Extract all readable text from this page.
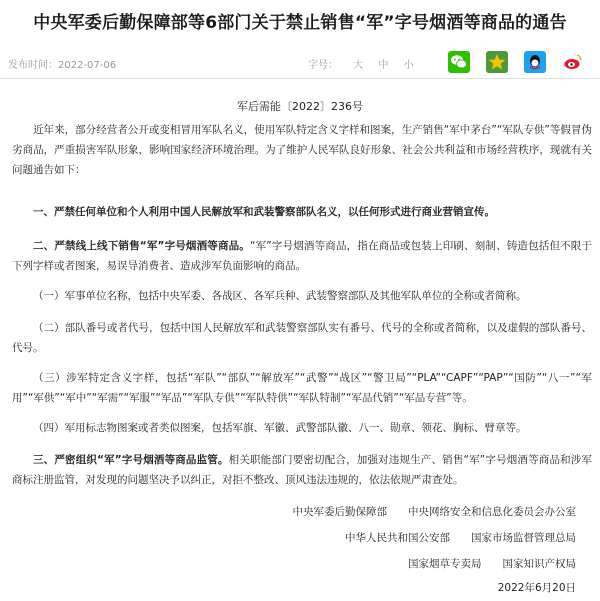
中央军委后勤保障部等6部门关于禁止销售“军”字号烟酒等商品的通告
发布时间：2022-07-06	字号： 大 中 小

军后需能〔2022〕236号
近年来，部分经营者公开或变相冒用军队名义，使用军队特定含义字样和图案，生产销售“军中茅台”“军队专供”等假冒伪劣商品，严重损害军队形象，影响国家经济环境治理。为了维护人民军队良好形象、社会公共利益和市场经营秩序，现就有关问题通告如下：
一、严禁任何单位和个人利用中国人民解放军和武装警察部队名义，以任何形式进行商业营销宣传。
二、严禁线上线下销售“军”字号烟酒等商品。“军”字号烟酒等商品，指在商品或包装上印刷、刻制、铸造包括但不限于下列字样或者图案，易误导消费者、造成涉军负面影响的商品。
（一）军事单位名称，包括中央军委、各战区、各军兵种、武装警察部队及其他军队单位的全称或者简称。
（二）部队番号或者代号，包括中国人民解放军和武装警察部队实有番号、代号的全称或者简称，以及虚假的部队番号、代号。
（三）涉军特定含义字样，包括“军队”“部队”“解放军”“武警”“战区”“警卫局”“PLA”“CAPF”“PAP”“国防”“八一”“军用”“军供”“军中”“军需”“军服”“军品”“军队专供”“军队特供”“军队特制”“军品代销”“军品专营”等。
（四）军用标志物图案或者类似图案，包括军旗、军徽、武警部队徽、八一、勋章、领花、胸标、臂章等。
三、严密组织“军”字号烟酒等商品监管。相关职能部门要密切配合，加强对违规生产、销售“军”字号烟酒等商品和涉军商标注册监管，对发现的问题坚决予以纠正，对拒不整改、顶风违法违规的，依法依规严肃查处。
中央军委后勤保障部　　中央网络安全和信息化委员会办公室
中华人民共和国公安部　　国家市场监督管理总局
国家烟草专卖局　　国家知识产权局
2022年6月20日
